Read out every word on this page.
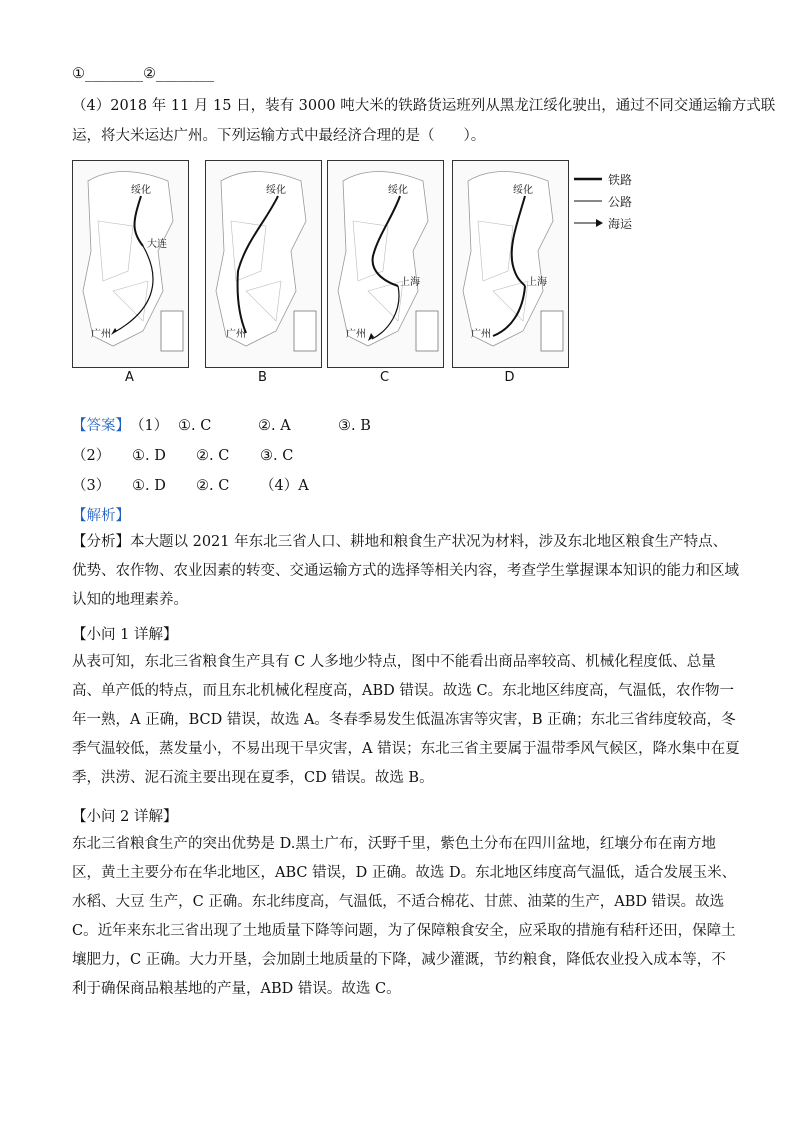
①________②________
（4）2018 年 11 月 15 日，装有 3000 吨大米的铁路货运班列从黑龙江绥化驶出，通过不同交通运输方式联
运，将大米运达广州。下列运输方式中最经济合理的是（　　）。
绥化
大连
广州
A
绥化
广州
B
绥化
上海
广州
C
绥化
上海
广州
D
铁路
公路
海运
【答案】（1） ①. C	②. A	③. B
（2） ①. D ②. C ③. C
（3） ①. D ②. C （4）A
【解析】
【分析】本大题以 2021 年东北三省人口、耕地和粮食生产状况为材料，涉及东北地区粮食生产特点、优势、农作物、农业因素的转变、交通运输方式的选择等相关内容，考查学生掌握课本知识的能力和区域认知的地理素养。
【小问 1 详解】
从表可知，东北三省粮食生产具有 C 人多地少特点，图中不能看出商品率较高、机械化程度低、总量高、单产低的特点，而且东北机械化程度高，ABD 错误。故选 C。东北地区纬度高，气温低，农作物一年一熟，A 正确，BCD 错误，故选 A。冬春季易发生低温冻害等灾害，B 正确；东北三省纬度较高，冬季气温较低，蒸发量小，不易出现干旱灾害，A 错误；东北三省主要属于温带季风气候区，降水集中在夏季，洪涝、泥石流主要出现在夏季，CD 错误。故选 B。
【小问 2 详解】
东北三省粮食生产的突出优势是 D.黑土广布，沃野千里，紫色土分布在四川盆地，红壤分布在南方地区，黄土主要分布在华北地区，ABC 错误，D 正确。故选 D。东北地区纬度高气温低，适合发展玉米、水稻、大豆 生产，C 正确。东北纬度高，气温低，不适合棉花、甘蔗、油菜的生产，ABD 错误。故选 C。近年来东北三省出现了土地质量下降等问题，为了保障粮食安全，应采取的措施有秸秆还田，保障土壤肥力，C 正确。大力开垦，会加剧土地质量的下降，减少灌溉，节约粮食，降低农业投入成本等，不利于确保商品粮基地的产量，ABD 错误。故选 C。
